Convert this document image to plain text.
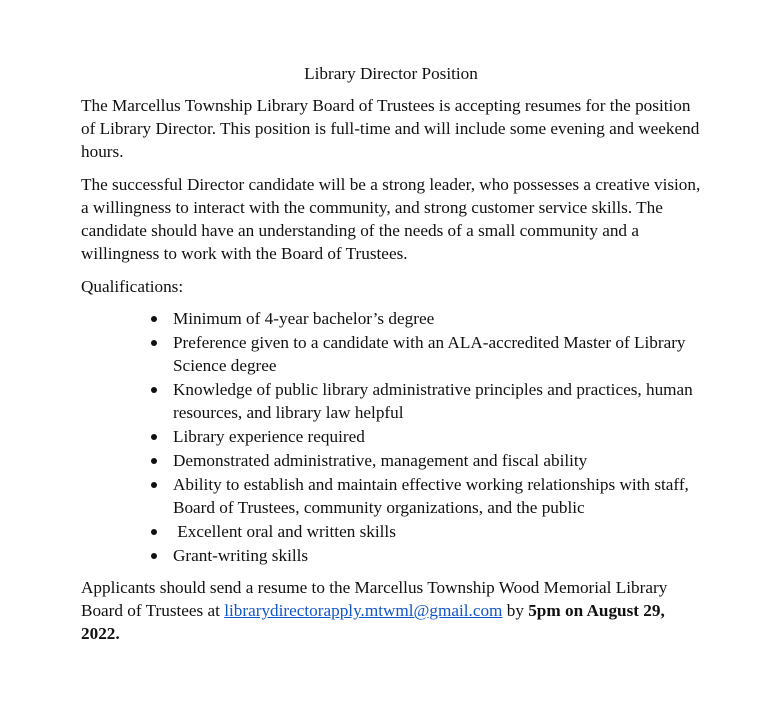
Library Director Position

The Marcellus Township Library Board of Trustees is accepting resumes for the position of Library Director. This position is full-time and will include some evening and weekend hours.

The successful Director candidate will be a strong leader, who possesses a creative vision, a willingness to interact with the community, and strong customer service skills. The candidate should have an understanding of the needs of a small community and a willingness to work with the Board of Trustees.

Qualifications:
Minimum of 4-year bachelor’s degree
Preference given to a candidate with an ALA-accredited Master of Library Science degree
Knowledge of public library administrative principles and practices, human resources, and library law helpful
Library experience required
Demonstrated administrative, management and fiscal ability
Ability to establish and maintain effective working relationships with staff, Board of Trustees, community organizations, and the public
Excellent oral and written skills
Grant-writing skills

Applicants should send a resume to the Marcellus Township Wood Memorial Library Board of Trustees at librarydirectorapply.mtwml@gmail.com by 5pm on August 29, 2022.
